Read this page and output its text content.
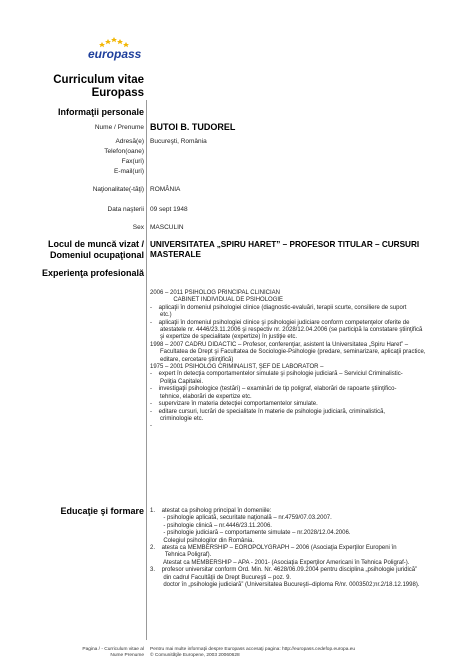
europass
Curriculum vitae
Europass
Informaţii personale
Nume / Prenume BUTOI B. TUDOREL
Adresă(e) Bucureşti, România
Telefon(oane)
Fax(uri)
E-mail(uri)
Naţionalitate(-tăţi) ROMÂNIA
Data naşterii 09 sept 1948
Sex MASCULIN
Locul de muncă vizat /
Domeniul ocupaţional
UNIVERSITATEA „SPIRU HARET” – PROFESOR TITULAR – CURSURI
MASTERALE
Experienţa profesională
2006 – 2011 PSIHOLOG PRINCIPAL CLINICIAN
CABINET INDIVIDUAL DE PSIHOLOGIE
-    aplicaţii în domeniul psihologiei clinice (diagnostic-evaluări, terapii scurte, consiliere de suport
etc.)
-    aplicaţii în domeniul psihologiei clinice şi psihologiei judiciare conform competenţelor oferite de
atestatele nr. 4446/23.11.2006 şi respectiv nr. 2028/12.04.2006 (se participă la constatare ştiinţifică
şi expertize de specialitate (expertize) în justiţie etc.
1998 – 2007 CADRU DIDACTIC – Profesor, conferenţiar, asistent la Universitatea „Spiru Haret” –
Facultatea de Drept şi Facultatea de Sociologie-Psihologie (predare, seminarizare, aplicaţii practice,
editare, cercetare ştiinţifică)
1975 – 2001 PSIHOLOG CRIMINALIST, ŞEF DE LABORATOR –
-    expert în detecţia comportamentelor simulate şi psihologie judiciară – Serviciul Criminalistic-
Poliţia Capitalei.
-    investigaţii psihologice (testări) – examinări de tip poligraf, elaborări de rapoarte ştiinţifico-
tehnice, elaborări de expertize etc.
-    supervizare în materia detecţiei comportamentelor simulate.
-    editare cursuri, lucrări de specialitate în materie de psihologie judiciară, criminalistică,
criminologie etc.
-
Educaţie şi formare 1.    atestat ca psiholog principal în domeniile:
- psihologie aplicată, securitate naţională – nr.4759/07.03.2007.
- psihologie clinică – nr.4446/23.11.2006.
- psihologie judiciară – comportamente simulate – nr.2028/12.04.2006.
Colegiul psihologilor din România.
2.    atesta ca MEMBERSHIP – EOROPOLYGRAPH – 2006 (Asociaţia Experţilor Europeni în
Tehnica Poligraf).
Atestat ca MEMBERSHIP – APA - 2001- (Asociaţia Experţilor Americani în Tehnica Poligraf-).
3.    profesor universitar conform Ord. Min. Nr. 4628/06.09.2004 pentru disciplina „psihologie juridică”
din cadrul Facultăţii de Drept Bucureşti – poz. 9.
doctor în „psihologie judiciară” (Universitatea Bucureşti–diploma R/nr. 0003502;nr.2/18.12.1998).
Pagina / - Curriculum vitae al
Nume Prenume
Pentru mai multe informaţii despre Europass accesaţi pagina: http://europass.cedefop.europa.eu
© Comunităţile Europene, 2003 20060628
